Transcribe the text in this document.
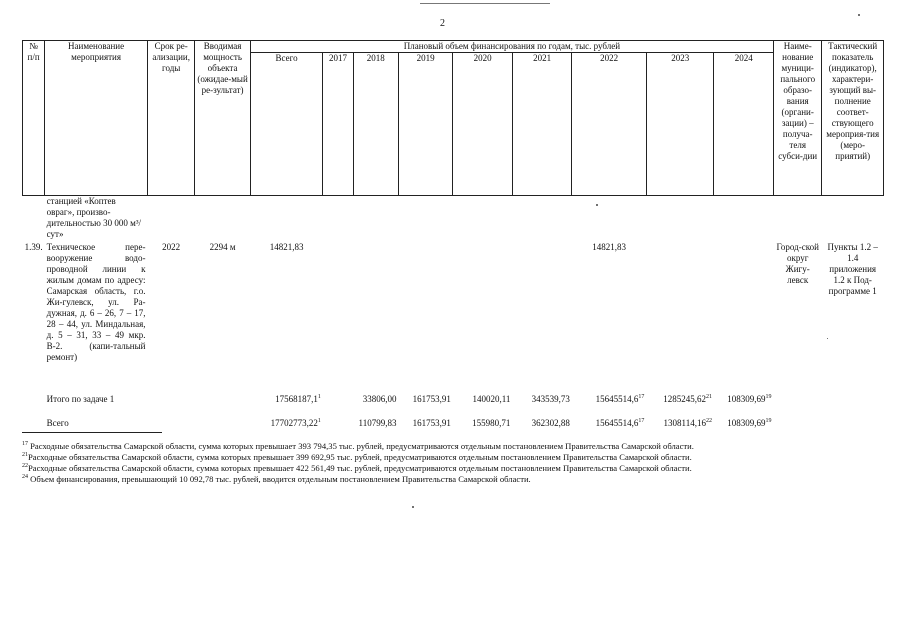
2
№ п/п	Наименование мероприятия	Срок ре-ализации, годы	Вводимая мощность объекта (ожидае-мый ре-зультат)	Плановый объем финансирования по годам, тыс. рублей									Наиме-нование муници-пального образо-вания (органи-зации) – получа-теля субси-дии	Тактический показатель (индикатор), характери-зующий вы-полнение соответ-ствующего мероприя-тия (меро-приятий)
				Всего	2017	2018	2019	2020	2021	2022	2023	2024		
	станцией «Коптев овраг», произво-дительностью 30 000 м³/сут»													
1.39.	Техническое пере-вооружение водо-проводной линии к жилым домам по адресу: Самарская область, г.о. Жи-гулевск, ул. Ра-дужная, д. 6 – 26, 7 – 17, 28 – 44, ул. Миндальная, д. 5 – 31, 33 – 49 мкр. В-2. (капи-тальный ремонт)	2022	2294 м	14821,83						14821,83			Город-ской округ Жигу-левск	Пункты 1.2 – 1.4 приложения 1.2 к Под-программе 1
	Итого по задаче 1			17568187,1$^1$		33806,00	161753,91	140020,11	343539,73	15645514,6$^{17}$	1285245,62$^{21}$	108309,69$^{19}$		
	Всего			17702773,22$^1$		110799,83	161753,91	155980,71	362302,88	15645514,6$^{17}$	1308114,16$^{22}$	108309,69$^{19}$		
$^{17}$ Расходные обязательства Самарской области, сумма которых превышает 393 794,35 тыс. рублей, предусматриваются отдельным постановлением Правительства Самарской области.
$^{21}$Расходные обязательства Самарской области, сумма которых превышает 399 692,95 тыс. рублей, предусматриваются отдельным постановлением Правительства Самарской области.
$^{22}$Расходные обязательства Самарской области, сумма которых превышает 422 561,49 тыс. рублей, предусматриваются отдельным постановлением Правительства Самарской области.
$^{24}$ Объем финансирования, превышающий 10 092,78 тыс. рублей, вводится отдельным постановлением Правительства Самарской области.
